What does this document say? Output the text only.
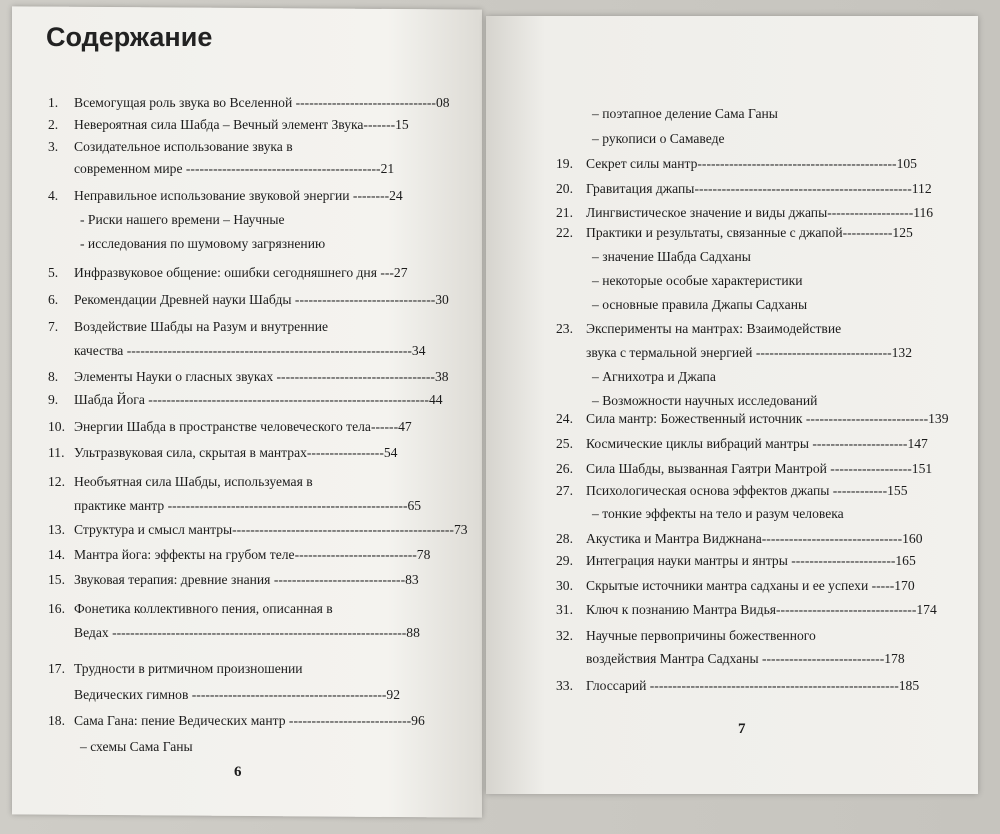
Содержание
1. Всемогущая роль звука во Вселенной -------------------------------08
2. Невероятная сила Шабда – Вечный элемент Звука-------15
3. Созидательное использование звука в
современном мире -------------------------------------------21
4. Неправильное использование звуковой энергии --------24
- Риски нашего времени – Научные
- исследования по шумовому загрязнению
5. Инфразвуковое общение: ошибки сегодняшнего дня ---27
6. Рекомендации Древней науки Шабды -------------------------------30
7. Воздействие Шабды на Разум и внутренние
качества ---------------------------------------------------------------34
8. Элементы Науки о гласных звуках -----------------------------------38
9. Шабда Йога --------------------------------------------------------------44
10. Энергии Шабда в пространстве человеческого тела------47
11. Ультразвуковая сила, скрытая в мантрах-----------------54
12. Необъятная сила Шабды, используемая в
практике мантр -----------------------------------------------------65
13. Структура и смысл мантры-------------------------------------------------73
14. Мантра йога: эффекты на грубом теле---------------------------78
15. Звуковая терапия: древние знания -----------------------------83
16. Фонетика коллективного пения, описанная в
Ведах -----------------------------------------------------------------88
17. Трудности в ритмичном произношении
Ведических гимнов -------------------------------------------92
18. Сама Гана: пение Ведических мантр ---------------------------96
– схемы Сама Ганы
– поэтапное деление Сама Ганы
– рукописи о Самаведе
19. Секрет силы мантр--------------------------------------------105
20. Гравитация джапы------------------------------------------------112
21. Лингвистическое значение и виды джапы-------------------116
22. Практики и результаты, связанные с джапой-----------125
– значение Шабда Садханы
– некоторые особые характеристики
– основные правила Джапы Садханы
23. Эксперименты на мантрах: Взаимодействие
звука с термальной энергией ------------------------------132
– Агнихотра и Джапа
– Возможности научных исследований
24. Сила мантр: Божественный источник ---------------------------139
25. Космические циклы вибраций мантры ---------------------147
26. Сила Шабды, вызванная Гаятри Мантрой ------------------151
27. Психологическая основа эффектов джапы ------------155
– тонкие эффекты на тело и разум человека
28. Акустика и Мантра Виджнана-------------------------------160
29. Интеграция науки мантры и янтры -----------------------165
30. Скрытые источники мантра садханы и ее успехи -----170
31. Ключ к познанию Мантра Видья-------------------------------174
32. Научные первопричины божественного
воздействия Мантра Садханы ---------------------------178
33. Глоссарий -------------------------------------------------------185
6
7
